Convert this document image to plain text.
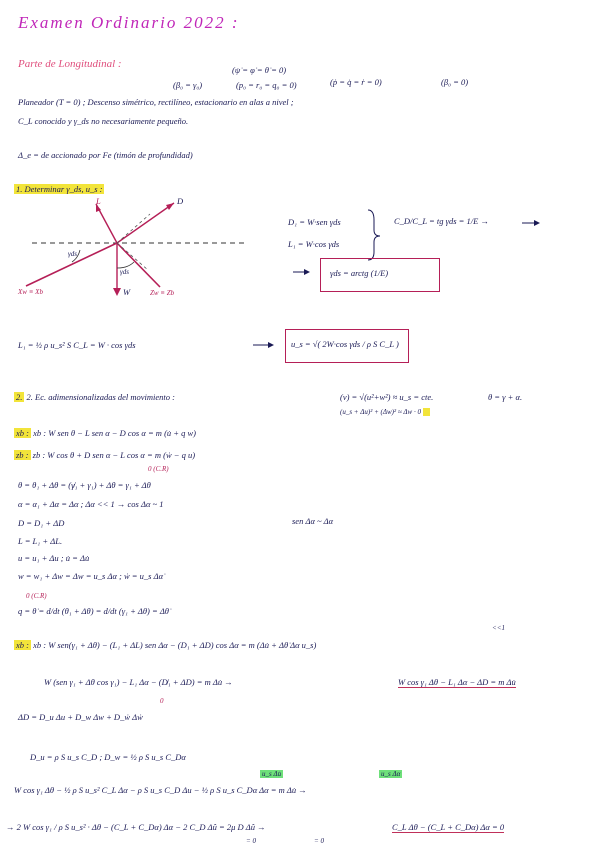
Examen Ordinario 2022 :
Parte de Longitudinal :	(ψ̇ = φ̇ = θ̇ = 0)
(β₀ = γ₀)	(p₀ = r₀ = q₀ = 0)	(ṗ = q̇ = ṙ = 0)	(β₀ = 0)
Planeador (T = 0) ; Descenso simétrico, rectilíneo, estacionario en alas a nivel ;
C_L conocido y γ_ds no necesariamente pequeño.
Δ_e = de accionado por Fe (timón de profundidad)
1. Determinar γ_ds, u_s :
L	D
W
γds
γds
Xw ≡ Xb	Zw ≡ Zb
D₁ = W·sen γds
L₁ = W·cos γds
C_D/C_L = tg γds = 1/E →
γds = arctg (1/E)
L₁ = ½ ρ u_s² S C_L = W · cos γds	u_s = √( 2W·cos γds / ρ S C_L )
2. 2. Ec. adimensionalizadas del movimiento :	(v) = √(u²+w²) ≈ u_s = cte.	θ = γ + α.
(u_s + Δu)² + (Δw)² ≈ Δw · 0
xb : xb : W sen θ − L sen α − D cos α = m (u̇ + q w)
zb : zb : W cos θ + D sen α − L cos α = m (ẇ − q u)
0 (C.R)
θ = θ₁ + Δθ = (γ̸₁ + γ₁) + Δθ = γ₁ + Δθ
α = α₁ + Δα = Δα ; Δα << 1 → cos Δα ~ 1
sen Δα ~ Δα
D = D₁ + ΔD
L = L₁ + ΔL.
u = u₁ + Δu ; u̇ = Δu̇
w = w₁ + Δw = Δw = u_s Δα ; ẇ = u_s Δα̇
0 (C.R)
q = θ̇ = d/dt (θ₁ + Δθ) = d/dt (γ₁ + Δθ) = Δθ̇
<<1
xb : xb : W sen(γ₁ + Δθ) − (L₁ + ΔL) sen Δα − (D₁ + ΔD) cos Δα = m (Δu̇ + Δθ̇ Δα u_s)
W (sen γ₁ + Δθ cos γ₁) − L₁ Δα − (D̸₁ + ΔD) = m Δu̇ →	W cos γ₁ Δθ − L₁ Δα − ΔD = m Δu̇
0
ΔD = D_u Δu + D_w Δw + D_ẇ Δẇ
D_u = ρ S u_s C_D ; D_w = ½ ρ S u_s C_Dα
u_s Δu̇	u_s Δα
W cos γ₁ Δθ − ½ ρ S u_s² C_L Δα − ρ S u_s C_D Δu − ½ ρ S u_s C_Dα Δα = m Δu̇ →
→ 2 W cos γ₁ / ρ S u_s² · Δθ − (C_L + C_Dα) Δα − 2 C_D Δû = 2μ D Δû →
= 0	= 0
C_L Δθ − (C_L + C_Dα) Δα = 0
